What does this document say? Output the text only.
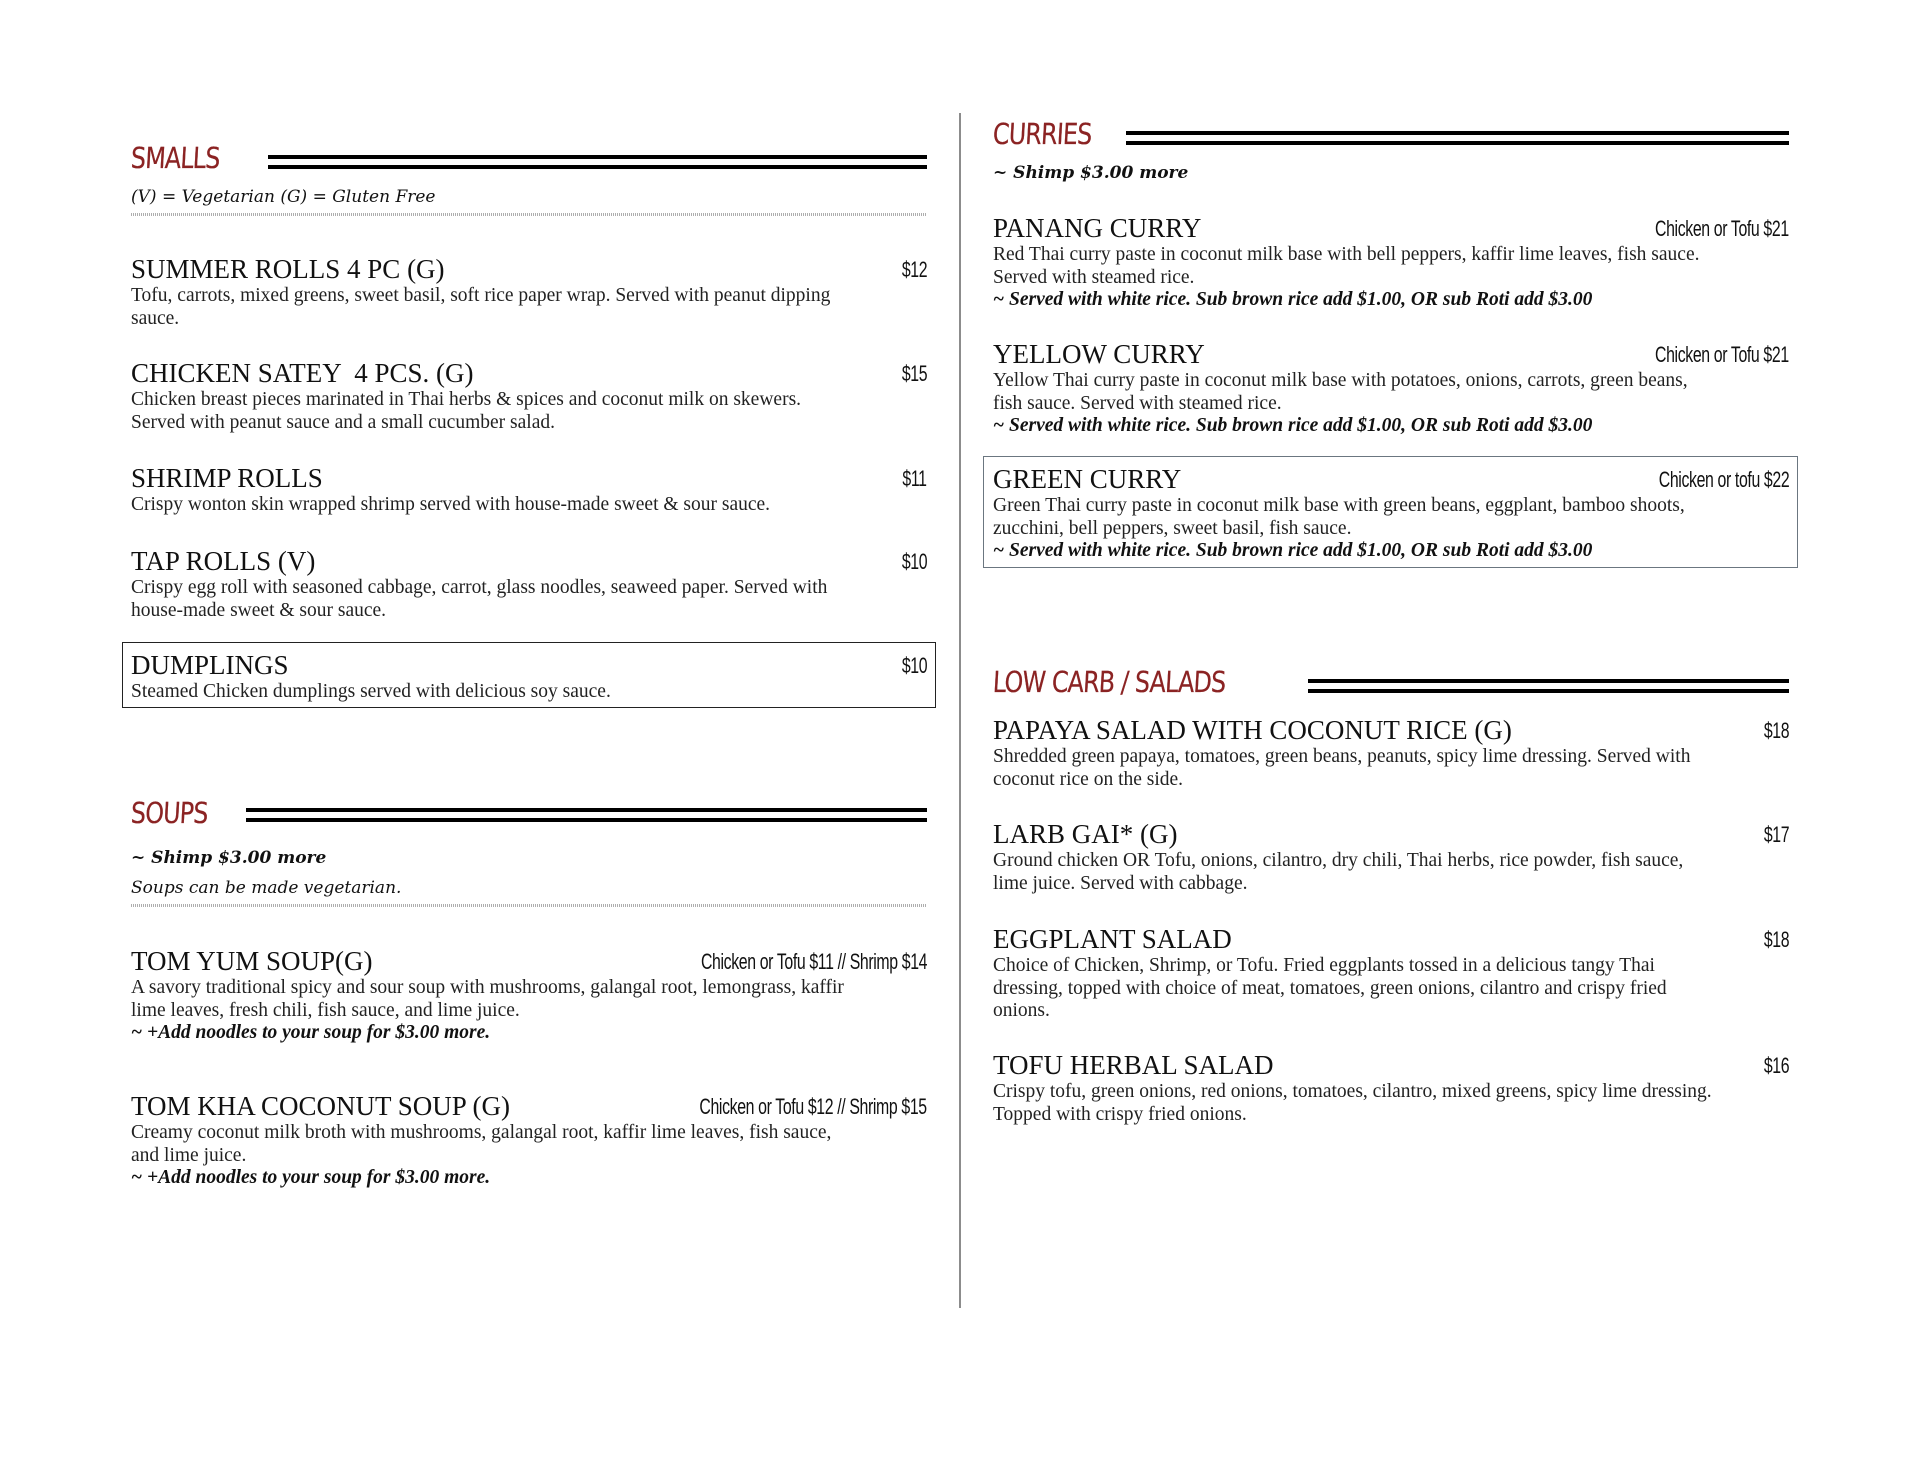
SMALLS
(V) = Vegetarian (G) = Gluten Free
SUMMER ROLLS 4 PC (G)	$12
Tofu, carrots, mixed greens, sweet basil, soft rice paper wrap. Served with peanut dipping sauce.
CHICKEN SATEY  4 PCS. (G)	$15
Chicken breast pieces marinated in Thai herbs & spices and coconut milk on skewers. Served with peanut sauce and a small cucumber salad.
SHRIMP ROLLS	$11
Crispy wonton skin wrapped shrimp served with house-made sweet & sour sauce.
TAP ROLLS (V)	$10
Crispy egg roll with seasoned cabbage, carrot, glass noodles, seaweed paper. Served with house-made sweet & sour sauce.
DUMPLINGS	$10
Steamed Chicken dumplings served with delicious soy sauce.
SOUPS
~ Shimp $3.00 more
Soups can be made vegetarian.
TOM YUM SOUP(G)	Chicken or Tofu $11 // Shrimp $14
A savory traditional spicy and sour soup with mushrooms, galangal root, lemongrass, kaffir lime leaves, fresh chili, fish sauce, and lime juice.
~ +Add noodles to your soup for $3.00 more.
TOM KHA COCONUT SOUP (G)	Chicken or Tofu $12 // Shrimp $15
Creamy coconut milk broth with mushrooms, galangal root, kaffir lime leaves, fish sauce, and lime juice.
~ +Add noodles to your soup for $3.00 more.
CURRIES
~ Shimp $3.00 more
PANANG CURRY	Chicken or Tofu $21
Red Thai curry paste in coconut milk base with bell peppers, kaffir lime leaves, fish sauce. Served with steamed rice.
~ Served with white rice. Sub brown rice add $1.00, OR sub Roti add $3.00
YELLOW CURRY	Chicken or Tofu $21
Yellow Thai curry paste in coconut milk base with potatoes, onions, carrots, green beans, fish sauce. Served with steamed rice.
~ Served with white rice. Sub brown rice add $1.00, OR sub Roti add $3.00
GREEN CURRY	Chicken or tofu $22
Green Thai curry paste in coconut milk base with green beans, eggplant, bamboo shoots, zucchini, bell peppers, sweet basil, fish sauce.
~ Served with white rice. Sub brown rice add $1.00, OR sub Roti add $3.00
LOW CARB / SALADS
PAPAYA SALAD WITH COCONUT RICE (G)	$18
Shredded green papaya, tomatoes, green beans, peanuts, spicy lime dressing. Served with coconut rice on the side.
LARB GAI* (G)	$17
Ground chicken OR Tofu, onions, cilantro, dry chili, Thai herbs, rice powder, fish sauce, lime juice. Served with cabbage.
EGGPLANT SALAD	$18
Choice of Chicken, Shrimp, or Tofu. Fried eggplants tossed in a delicious tangy Thai dressing, topped with choice of meat, tomatoes, green onions, cilantro and crispy fried onions.
TOFU HERBAL SALAD	$16
Crispy tofu, green onions, red onions, tomatoes, cilantro, mixed greens, spicy lime dressing. Topped with crispy fried onions.
